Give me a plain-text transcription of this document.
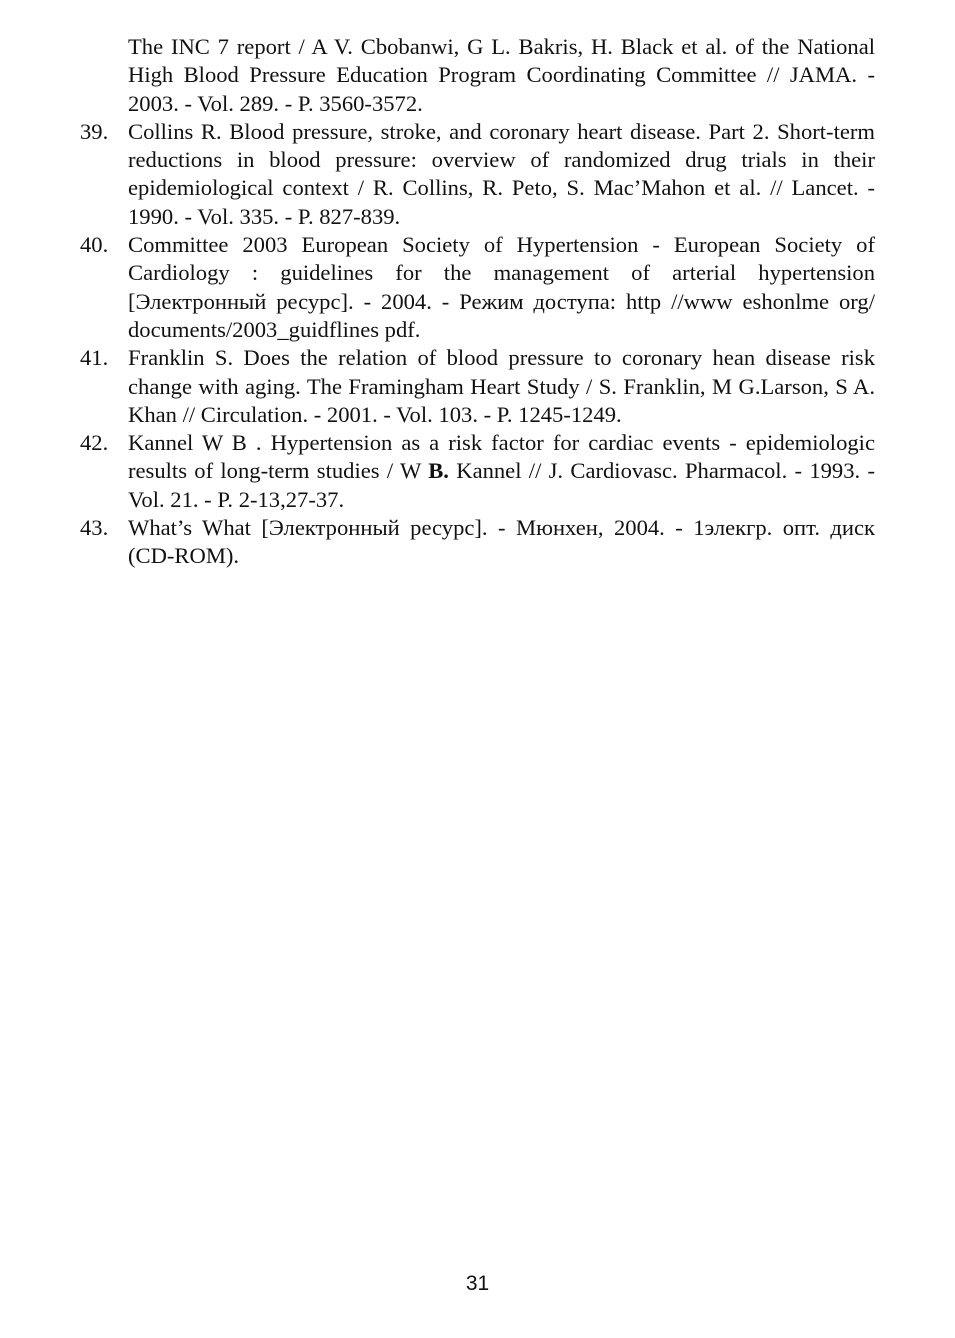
The INC 7 report / A V. Cbobanwi, G L. Bakris, H. Black et al. of the National High Blood Pressure Education Program Coordinating Committee // JAMA. - 2003. - Vol. 289. - P. 3560-3572.
39. Collins R. Blood pressure, stroke, and coronary heart disease. Part 2. Short-term reductions in blood pressure: overview of randomized drug trials in their epidemiological context / R. Collins, R. Peto, S. Mac’Mahon et al. // Lancet. - 1990. - Vol. 335. - P. 827-839.
40. Committee 2003 European Society of Hypertension - European Society of Cardiology : guidelines for the management of arterial hypertension [Электронный ресурс]. - 2004. - Режим доступа: http //www eshonlme org/ documents/2003_guidflines pdf.
41. Franklin S. Does the relation of blood pressure to coronary hean disease risk change with aging. The Framingham Heart Study / S. Franklin, M G.Larson, S A. Khan // Circulation. - 2001. - Vol. 103. - P. 1245-1249.
42. Kannel W B . Hypertension as a risk factor for cardiac events - epidemiologic results of long-term studies / W B. Kannel // J. Cardiovasc. Pharmacol. - 1993. - Vol. 21. - P. 2-13,27-37.
43. What’s What [Электронный ресурс]. - Мюнхен, 2004. - 1элекгр. опт. диск (CD-ROM).
31
